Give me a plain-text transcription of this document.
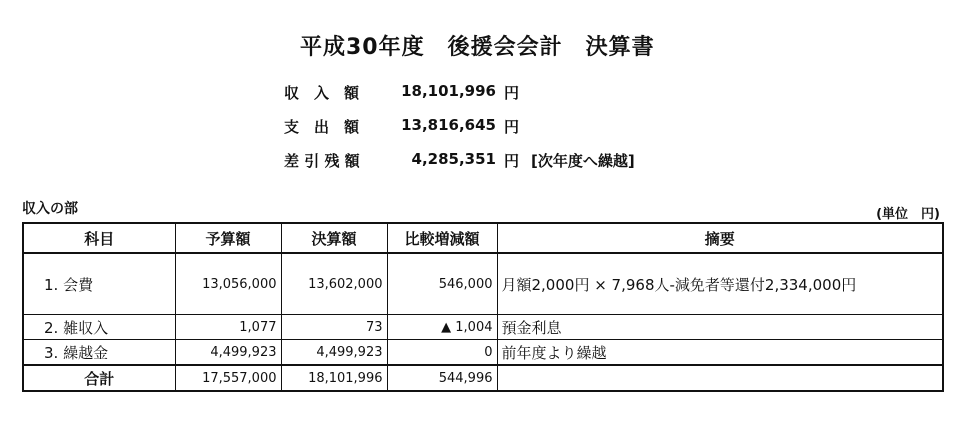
平成30年度　後援会会計　決算書
収　入　額	18,101,996 円
支　出　額	13,816,645 円
差 引 残 額	4,285,351 円 [次年度へ繰越]
収入の部	(単位　円)
科目	予算額	決算額	比較増減額	摘要
1. 会費	13,056,000	13,602,000	546,000	月額2,000円 × 7,968人-減免者等還付2,334,000円
2. 雑収入	1,077	73	▲ 1,004	預金利息
3. 繰越金	4,499,923	4,499,923	0	前年度より繰越
合計	17,557,000	18,101,996	544,996	
